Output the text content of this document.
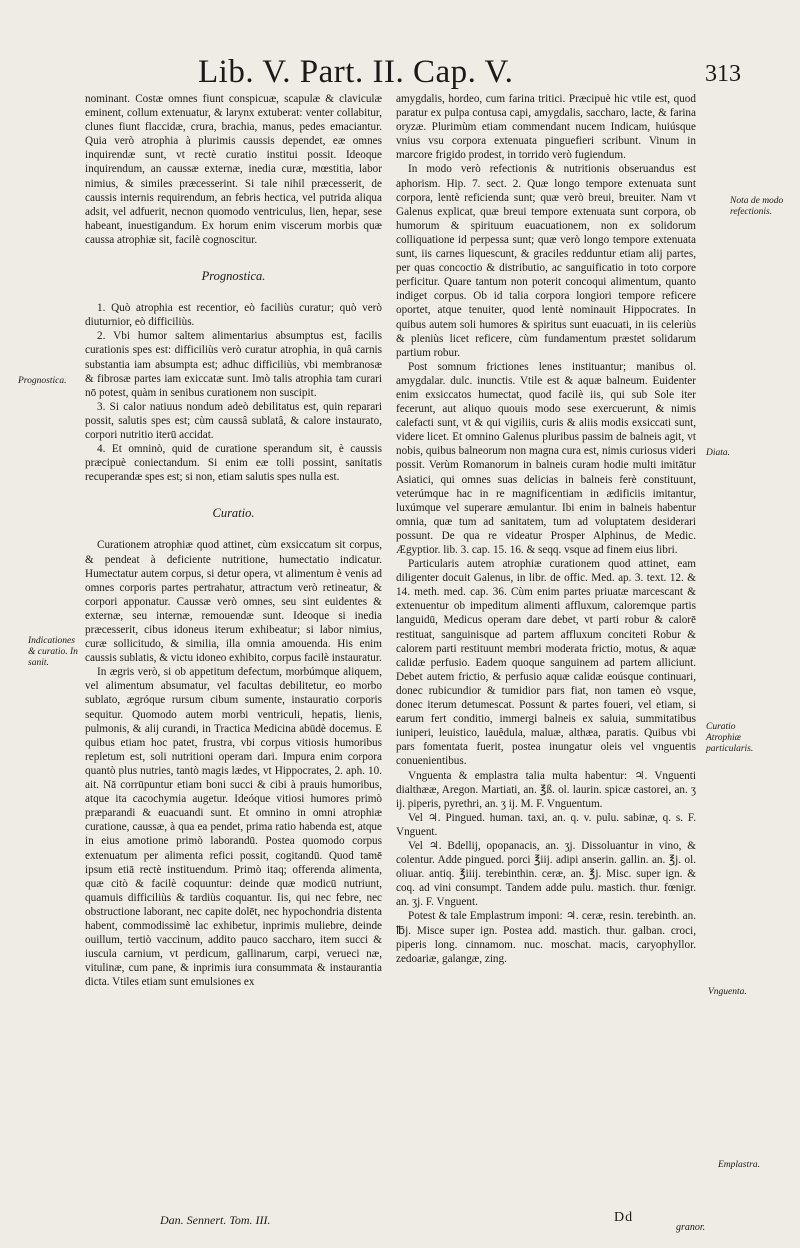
Lib. V. Part. II. Cap. V.	313

nominant. Costæ omnes fiunt conspicuæ, scapulæ & claviculæ eminent, collum extenuatur, & larynx extuberat: venter collabitur, clunes fiunt flaccidæ, crura, brachia, manus, pedes emaciantur. Quia verò atrophia à plurimis caussis dependet, eæ omnes inquirendæ sunt, vt rectè curatio institui possit. Ideoque inquirendum, an caussæ externæ, inedia curæ, mœstitia, labor nimius, & similes præcesserint. Si tale nihil præcesserit, de caussis internis requirendum, an febris hectica, vel putrida aliqua adsit, vel adfuerit, necnon quomodo ventriculus, lien, hepar, sese habeant, inuestigandum. Ex horum enim viscerum morbis quæ caussa atrophiæ sit, facilè cognoscitur.

Prognostica.

1. Quò atrophia est recentior, eò faciliùs curatur; quò verò diuturnior, eò difficiliùs.

2. Vbi humor saltem alimentarius absumptus est, facilis curationis spes est: difficiliùs verò curatur atrophia, in quâ carnis substantia iam absumpta est; adhuc difficiliùs, vbi membranosæ & fibrosæ partes iam exiccatæ sunt. Imò talis atrophia tam curari nō potest, quàm in senibus curationem non suscipit.

3. Si calor natiuus nondum adeò debilitatus est, quin reparari possit, salutis spes est; cùm caussâ sublatâ, & calore instaurato, corpori nutritio iterū accidat.

4. Et omninò, quid de curatione sperandum sit, è caussis præcipuè coniectandum. Si enim eæ tolli possint, sanitatis recuperandæ spes est; si non, etiam salutis spes nulla est.

Curatio.

Curationem atrophiæ quod attinet, cùm exsiccatum sit corpus, & pendeat à deficiente nutritione, humectatio indicatur. Humectatur autem corpus, si detur opera, vt alimentum è venis ad omnes corporis partes pertrahatur, attractum verò retineatur, & corpori apponatur. Caussæ verò omnes, seu sint euidentes & externæ, seu internæ, remouendæ sunt. Ideoque si inedia præcesserit, cibus idoneus iterum exhibeatur; si labor nimius, curæ sollicitudo, & similia, illa omnia amouenda. His enim caussis sublatis, & victu idoneo exhibito, corpus facilè instauratur.

In ægris verò, si ob appetitum defectum, morbúmque aliquem, vel alimentum absumatur, vel facultas debilitetur, eo morbo sublato, ægróque rursum cibum sumente, instauratio corporis sequitur. Quomodo autem morbi ventriculi, hepatis, lienis, pulmonis, & alij curandi, in Tractica Medicina abūdè docemus. E quibus etiam hoc patet, frustra, vbi corpus vitiosis humoribus repletum est, soli nutritioni operam dari. Impura enim corpora quantò plus nutries, tantò magis lædes, vt Hippocrates, 2. aph. 10. ait. Nā corrūpuntur etiam boni succi & cibi à prauis humoribus, atque ita cacochymia augetur. Ideóque vitiosi humores primò præparandi & euacuandi sunt. Et omnino in omni atrophiæ curatione, caussæ, à qua ea pendet, prima ratio habenda est, atque in eius amotione primò laborandū. Postea quomodo corpus extenuatum per alimenta refici possit, cogitandū. Quod tamē ipsum etiā rectè instituendum. Primò itaq; offerenda alimenta, quæ citò & facilè coquuntur: deinde quæ modicū nutriunt, quamuis difficiliùs & tardiùs coquantur. Iis, qui nec febre, nec obstructione laborant, nec capite dolēt, nec hypochondria distenta habent, commodissimè lac exhibetur, inprimis muliebre, deinde ouillum, tertiò vaccinum, addito pauco saccharo, item succi & iuscula carnium, vt perdicum, gallinarum, carpi, verueci næ, vitulinæ, cum pane, & inprimis iura consummata & instaurantia dicta. Vtiles etiam sunt emulsiones ex

amygdalis, hordeo, cum farina tritici. Præcipuè hic vtile est, quod paratur ex pulpa contusa capi, amygdalis, saccharo, lacte, & farina oryzæ. Plurimùm etiam commendant nucem Indicam, huiúsque vnius vsu corpora extenuata pinguefieri scribunt. Vinum in marcore frigido prodest, in torrido verò fugiendum.

In modo verò refectionis & nutritionis obseruandus est aphorism. Hip. 7. sect. 2. Quæ longo tempore extenuata sunt corpora, lentè reficienda sunt; quæ verò breui, breuiter. Nam vt Galenus explicat, quæ breui tempore extenuata sunt corpora, ob humorum & spirituum euacuationem, non ex solidorum colliquatione id perpessa sunt; quæ verò longo tempore extenuata sunt, iis carnes liquescunt, & graciles redduntur etiam alij partes, per quas concoctio & distributio, ac sanguificatio in toto corpore perficitur. Quare tantum non poterit concoqui alimentum, quanto indiget corpus. Ob id talia corpora longiori tempore reficere oportet, atque tenuiter, quod lentè nominauit Hippocrates. In quibus autem soli humores & spiritus sunt euacuati, in iis celeriùs & pleniùs licet reficere, cùm fundamentum præstet solidarum partium robur.

Post somnum frictiones lenes instituantur; manibus ol. amygdalar. dulc. inunctis. Vtile est & aquæ balneum. Euidenter enim exsiccatos humectat, quod facilè iis, qui sub Sole iter fecerunt, aut aliquo quouis modo sese exercuerunt, & nimis calefacti sunt, vt & qui vigiliis, curis & aliis modis exsiccati sunt, videre licet. Et omnino Galenus pluribus passim de balneis agit, vt nobis, quibus balneorum non magna cura est, nimis curiosus videri possit. Verùm Romanorum in balneis curam hodie multi imitātur Asiatici, qui omnes suas delicias in balneis ferè constituunt, veterúmque hac in re magnificentiam in ædificiis imitantur, luxúmque vel superare æmulantur. Ibi enim in balneis habentur omnia, quæ tum ad sanitatem, tum ad voluptatem desiderari possunt. De qua re videatur Prosper Alphinus, de Medic. Ægyptior. lib. 3. cap. 15. 16. & seqq. vsque ad finem eius libri.

Particularis autem atrophiæ curationem quod attinet, eam diligenter docuit Galenus, in libr. de offic. Med. ap. 3. text. 12. & 14. meth. med. cap. 36. Cùm enim partes priuatæ marcescant & extenuentur ob impeditum alimenti affluxum, caloremque partis languidū, Medicus operam dare debet, vt parti robur & calorē restituat, sanguinisque ad partem affluxum conciteti Robur & calorem parti restituunt membri moderata frictio, motus, & aquæ calidæ perfusio. Eadem quoque sanguinem ad partem alliciunt. Debet autem frictio, & perfusio aquæ calidæ eoúsque continuari, donec rubicundior & tumidior pars fiat, non tamen eò vsque, donec iterum detumescat. Possunt & partes foueri, vel etiam, si earum fert conditio, immergi balneis ex saluia, summitatibus iuniperi, leuistico, lauêdula, maluæ, althæa, paratis. Quibus vbi pars fomentata fuerit, postea inungatur oleis vel vnguentis conuenientibus.

Vnguenta & emplastra talia multa habentur: ♃. Vnguenti dialthææ, Aregon. Martiati, an. ℥ß. ol. laurin. spicæ castorei, an. ʒ ij. piperis, pyrethri, an. ʒ ij. M. F. Vnguentum.

Vel ♃. Pingued. human. taxi, an. q. v. pulu. sabinæ, q. s. F. Vnguent.

Vel ♃. Bdellij, opopanacis, an. ʒj. Dissoluantur in vino, & colentur. Adde pingued. porci ℥iij. adipi anserin. gallin. an. ℥j. ol. oliuar. antiq. ℥iiij. terebinthin. ceræ, an. ℥j. Misc. super ign. & coq. ad vini consumpt. Tandem adde pulu. mastich. thur. fœnigr. an. ʒj. F. Vnguent.

Potest & tale Emplastrum imponi: ♃. ceræ, resin. terebinth. an. ℔j. Misce super ign. Postea add. mastich. thur. galban. croci, piperis long. cinnamom. nuc. moschat. macis, caryophyllor. zedoariæ, galangæ, zing.

Prognostica.
Indicationes & curatio. In sanit.
Nota de modo refectionis.
Diata.
Curatio Atrophiæ particularis.
Vnguenta.
Emplastra.
Dan. Sennert. Tom. III.	Dd
granor.
